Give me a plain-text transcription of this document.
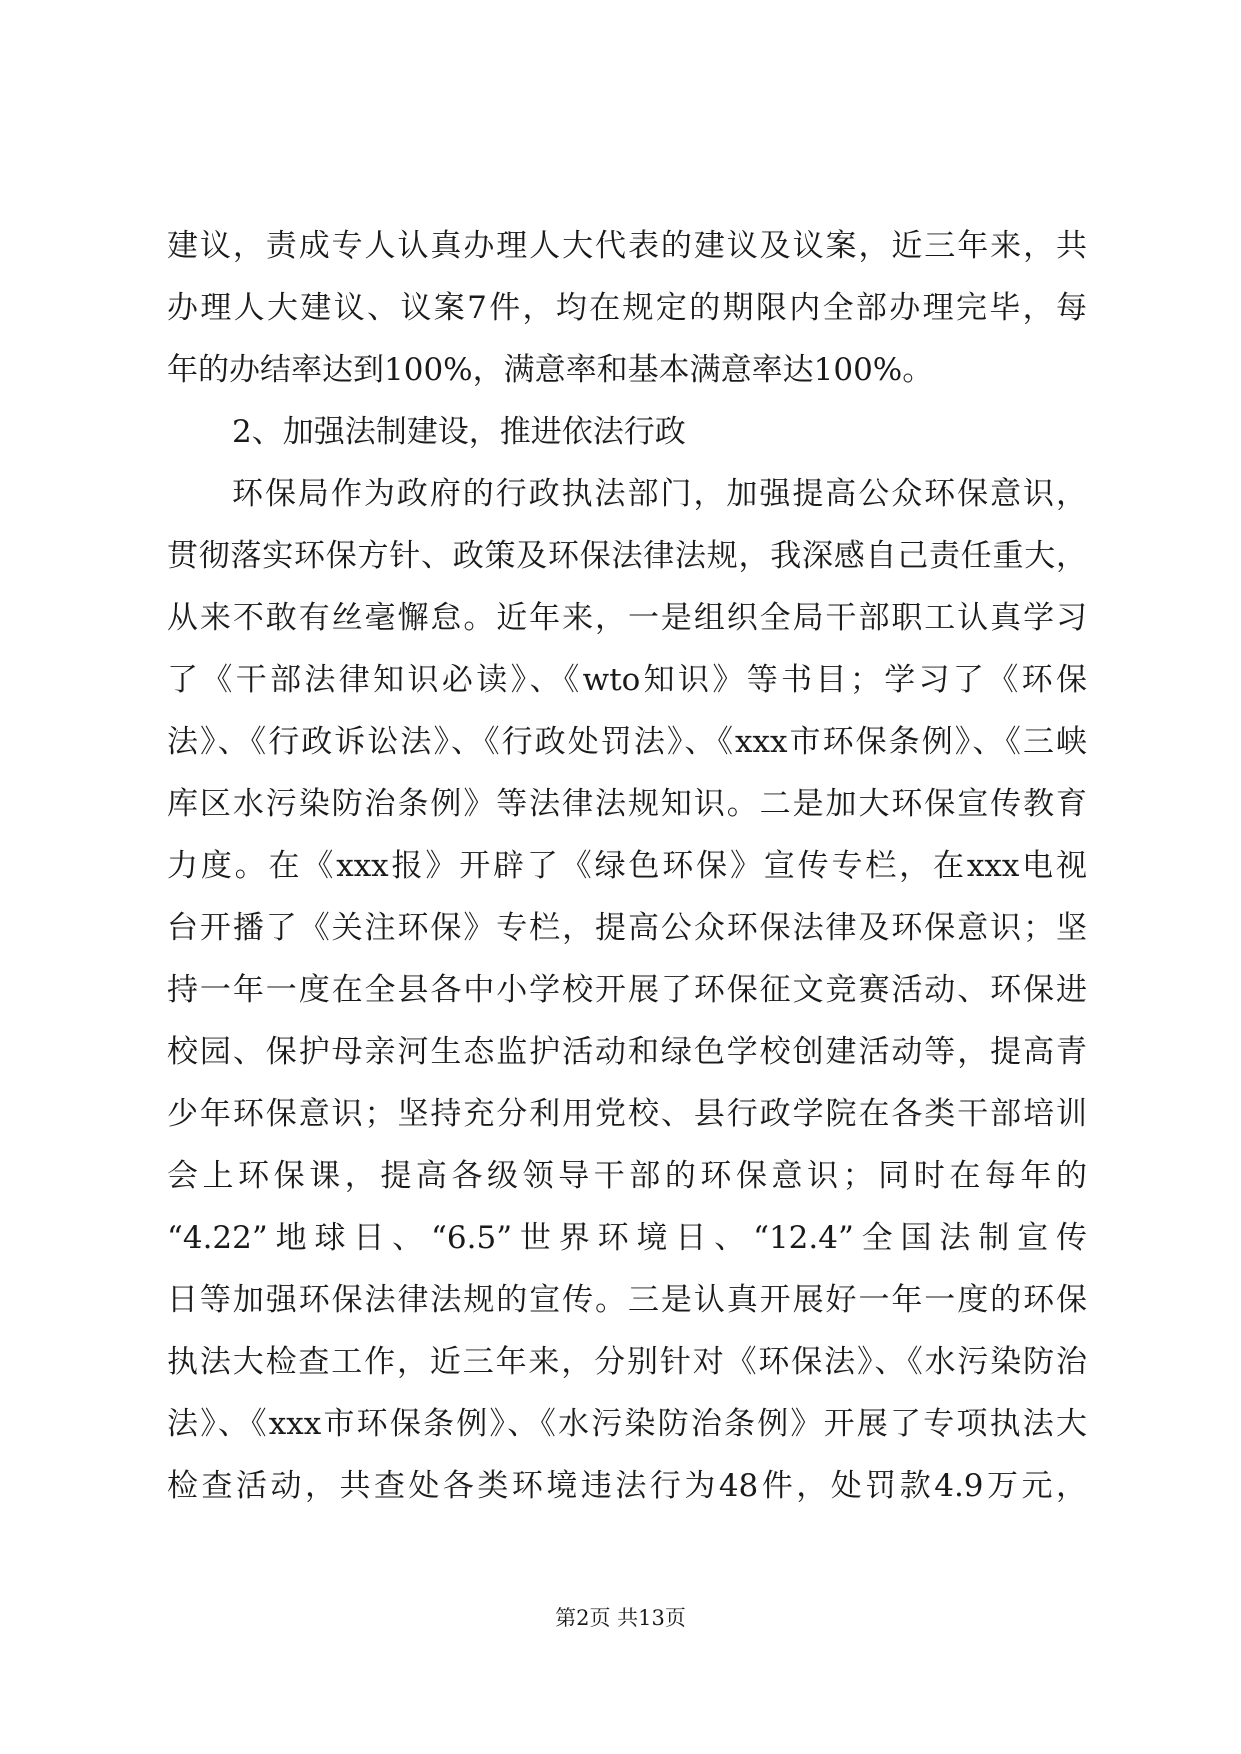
建议，责成专人认真办理人大代表的建议及议案，近三年来，共
办理人大建议、议案7件，均在规定的期限内全部办理完毕，每
年的办结率达到100%，满意率和基本满意率达100%。
2、加强法制建设，推进依法行政
环保局作为政府的行政执法部门，加强提高公众环保意识，
贯彻落实环保方针、政策及环保法律法规，我深感自己责任重大，
从来不敢有丝毫懈怠。近年来，一是组织全局干部职工认真学习
了《干部法律知识必读》、《wto知识》等书目；学习了《环保
法》、《行政诉讼法》、《行政处罚法》、《xxx市环保条例》、《三峡
库区水污染防治条例》等法律法规知识。二是加大环保宣传教育
力度。在《xxx报》开辟了《绿色环保》宣传专栏，在xxx电视
台开播了《关注环保》专栏，提高公众环保法律及环保意识；坚
持一年一度在全县各中小学校开展了环保征文竞赛活动、环保进
校园、保护母亲河生态监护活动和绿色学校创建活动等，提高青
少年环保意识；坚持充分利用党校、县行政学院在各类干部培训
会上环保课，提高各级领导干部的环保意识；同时在每年的
“4.22”地球日、“6.5”世界环境日、“12.4”全国法制宣传
日等加强环保法律法规的宣传。三是认真开展好一年一度的环保
执法大检查工作，近三年来，分别针对《环保法》、《水污染防治
法》、《xxx市环保条例》、《水污染防治条例》开展了专项执法大
检查活动，共查处各类环境违法行为48件，处罚款4.9万元，
第2页 共13页
